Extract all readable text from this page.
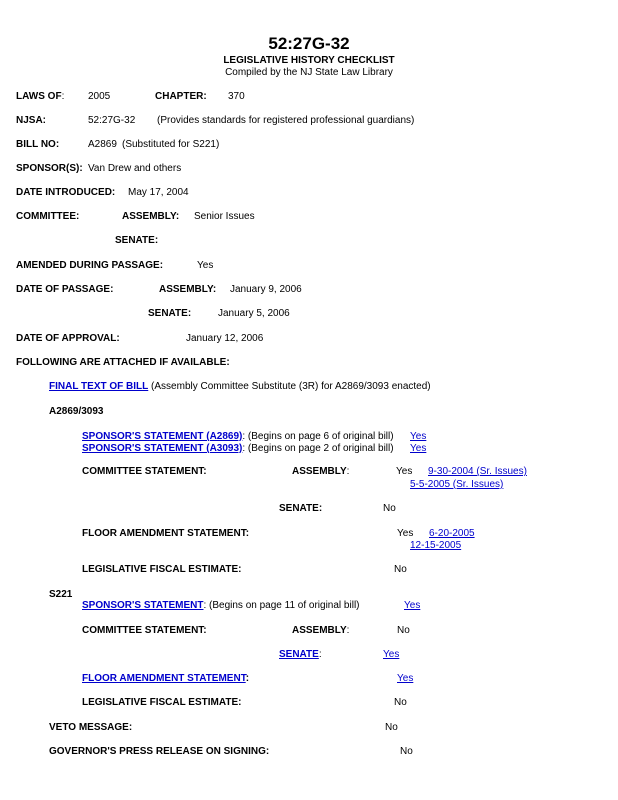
52:27G-32
LEGISLATIVE HISTORY CHECKLIST
Compiled by the NJ State Law Library
LAWS OF: 2005	CHAPTER: 370
NJSA:	52:27G-32 (Provides standards for registered professional guardians)
BILL NO:	A2869 (Substituted for S221)
SPONSOR(S): Van Drew and others
DATE INTRODUCED: May 17, 2004
COMMITTEE:	ASSEMBLY: Senior Issues
SENATE:
AMENDED DURING PASSAGE:	Yes
DATE OF PASSAGE:	ASSEMBLY: January 9, 2006
SENATE:	January 5, 2006
DATE OF APPROVAL:	January 12, 2006
FOLLOWING ARE ATTACHED IF AVAILABLE:
FINAL TEXT OF BILL (Assembly Committee Substitute (3R) for A2869/3093 enacted)
A2869/3093
SPONSOR'S STATEMENT (A2869): (Begins on page 6 of original bill) Yes
SPONSOR'S STATEMENT (A3093): (Begins on page 2 of original bill) Yes
COMMITTEE STATEMENT:	ASSEMBLY:	Yes 9-30-2004 (Sr. Issues)
5-5-2005 (Sr. Issues)
SENATE:	No
FLOOR AMENDMENT STATEMENT:	Yes 6-20-2005
12-15-2005
LEGISLATIVE FISCAL ESTIMATE:	No
S221
SPONSOR'S STATEMENT: (Begins on page 11 of original bill)	Yes
COMMITTEE STATEMENT:	ASSEMBLY:	No
SENATE:	Yes
FLOOR AMENDMENT STATEMENT:	Yes
LEGISLATIVE FISCAL ESTIMATE:	No
VETO MESSAGE:	No
GOVERNOR'S PRESS RELEASE ON SIGNING:	No
